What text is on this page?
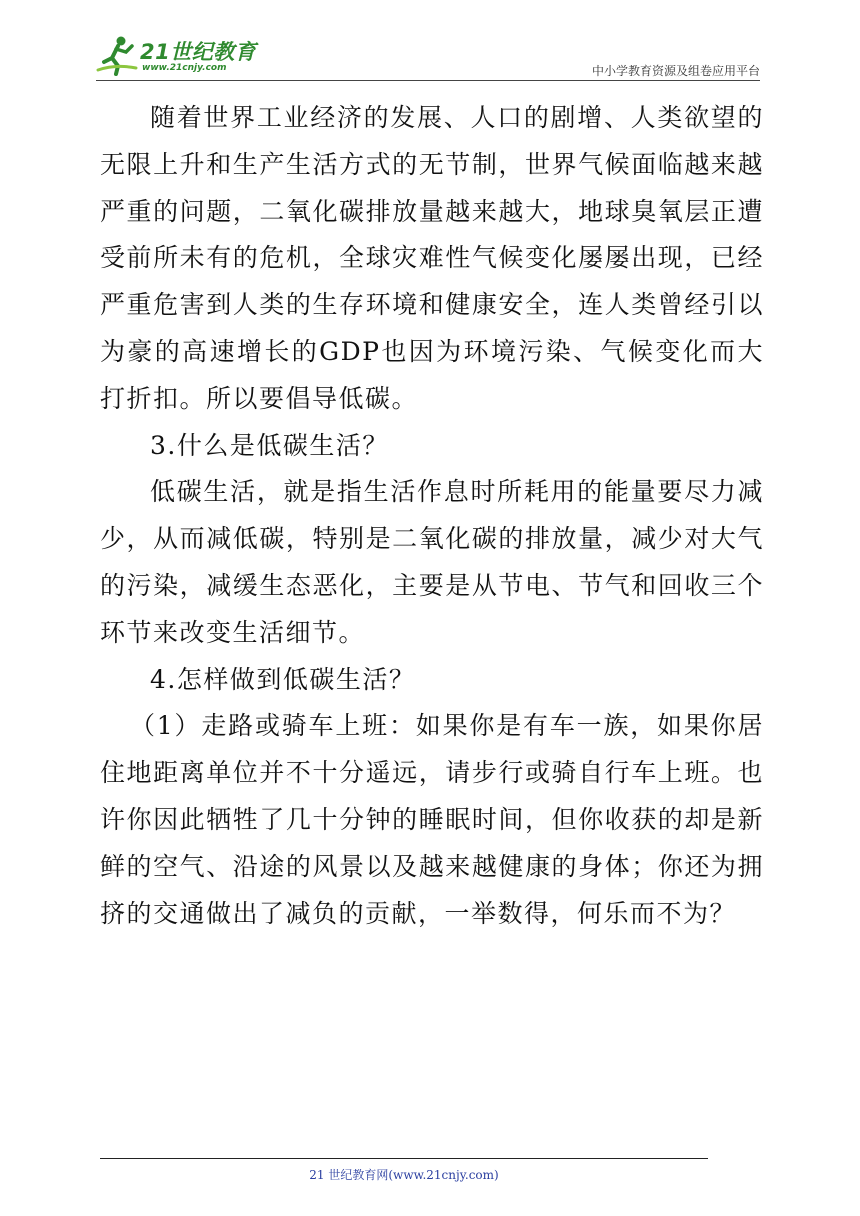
21世纪教育
www.21cnjy.com	中小学教育资源及组卷应用平台

随着世界工业经济的发展、人口的剧增、人类欲望的无限上升和生产生活方式的无节制，世界气候面临越来越严重的问题，二氧化碳排放量越来越大，地球臭氧层正遭受前所未有的危机，全球灾难性气候变化屡屡出现，已经严重危害到人类的生存环境和健康安全，连人类曾经引以为豪的高速增长的GDP也因为环境污染、气候变化而大打折扣。所以要倡导低碳。

3.什么是低碳生活？

低碳生活，就是指生活作息时所耗用的能量要尽力减少，从而减低碳，特别是二氧化碳的排放量，减少对大气的污染，减缓生态恶化，主要是从节电、节气和回收三个环节来改变生活细节。

4.怎样做到低碳生活？

（1）走路或骑车上班：如果你是有车一族，如果你居住地距离单位并不十分遥远，请步行或骑自行车上班。也许你因此牺牲了几十分钟的睡眠时间，但你收获的却是新鲜的空气、沿途的风景以及越来越健康的身体；你还为拥挤的交通做出了减负的贡献，一举数得，何乐而不为？

21 世纪教育网(www.21cnjy.com)
